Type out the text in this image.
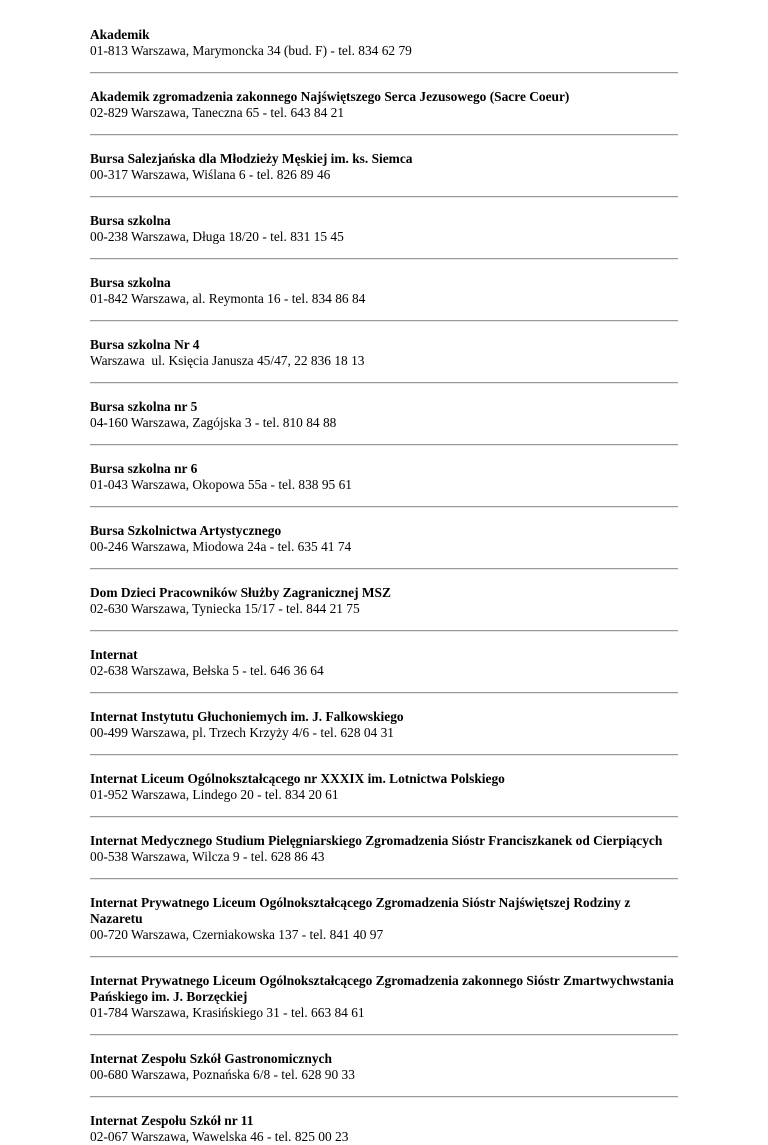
Akademik

01-813 Warszawa, Marymoncka 34 (bud. F) - tel. 834 62 79

Akademik zgromadzenia zakonnego Najświętszego Serca Jezusowego (Sacre Coeur)

02-829 Warszawa, Taneczna 65 - tel. 643 84 21

Bursa Salezjańska dla Młodzieży Męskiej im. ks. Siemca

00-317 Warszawa, Wiślana 6 - tel. 826 89 46

Bursa szkolna

00-238 Warszawa, Długa 18/20 - tel. 831 15 45

Bursa szkolna

01-842 Warszawa, al. Reymonta 16 - tel. 834 86 84

Bursa szkolna Nr 4

Warszawa  ul. Księcia Janusza 45/47, 22 836 18 13

Bursa szkolna nr 5

04-160 Warszawa, Zagójska 3 - tel. 810 84 88

Bursa szkolna nr 6

01-043 Warszawa, Okopowa 55a - tel. 838 95 61

Bursa Szkolnictwa Artystycznego

00-246 Warszawa, Miodowa 24a - tel. 635 41 74

Dom Dzieci Pracowników Służby Zagranicznej MSZ

02-630 Warszawa, Tyniecka 15/17 - tel. 844 21 75

Internat

02-638 Warszawa, Bełska 5 - tel. 646 36 64

Internat Instytutu Głuchoniemych im. J. Falkowskiego

00-499 Warszawa, pl. Trzech Krzyży 4/6 - tel. 628 04 31

Internat Liceum Ogólnokształcącego nr XXXIX im. Lotnictwa Polskiego

01-952 Warszawa, Lindego 20 - tel. 834 20 61

Internat Medycznego Studium Pielęgniarskiego Zgromadzenia Sióstr Franciszkanek od Cierpiących

00-538 Warszawa, Wilcza 9 - tel. 628 86 43

Internat Prywatnego Liceum Ogólnokształcącego Zgromadzenia Sióstr Najświętszej Rodziny z Nazaretu

00-720 Warszawa, Czerniakowska 137 - tel. 841 40 97

Internat Prywatnego Liceum Ogólnokształcącego Zgromadzenia zakonnego Sióstr Zmartwychwstania Pańskiego im. J. Borzęckiej

01-784 Warszawa, Krasińskiego 31 - tel. 663 84 61

Internat Zespołu Szkół Gastronomicznych

00-680 Warszawa, Poznańska 6/8 - tel. 628 90 33

Internat Zespołu Szkół nr 11

02-067 Warszawa, Wawelska 46 - tel. 825 00 23
